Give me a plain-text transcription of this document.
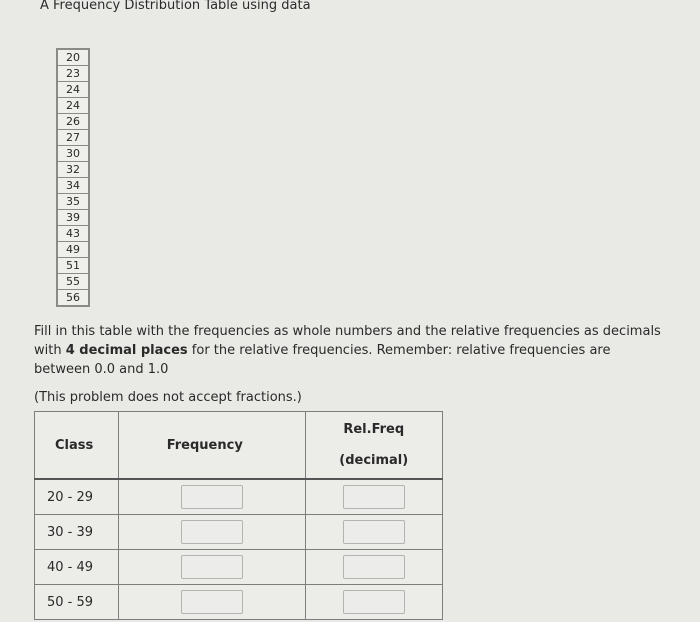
A Frequency Distribution Table using data
20
23
24
24
26
27
30
32
34
35
39
43
49
51
55
56
Fill in this table with the frequencies as whole numbers and the relative frequencies as decimals with 4 decimal places for the relative frequencies. Remember: relative frequencies are between 0.0 and 1.0
(This problem does not accept fractions.)
Class	Frequency	Rel.Freq
(decimal)
20 - 29		
30 - 39		
40 - 49		
50 - 59		
